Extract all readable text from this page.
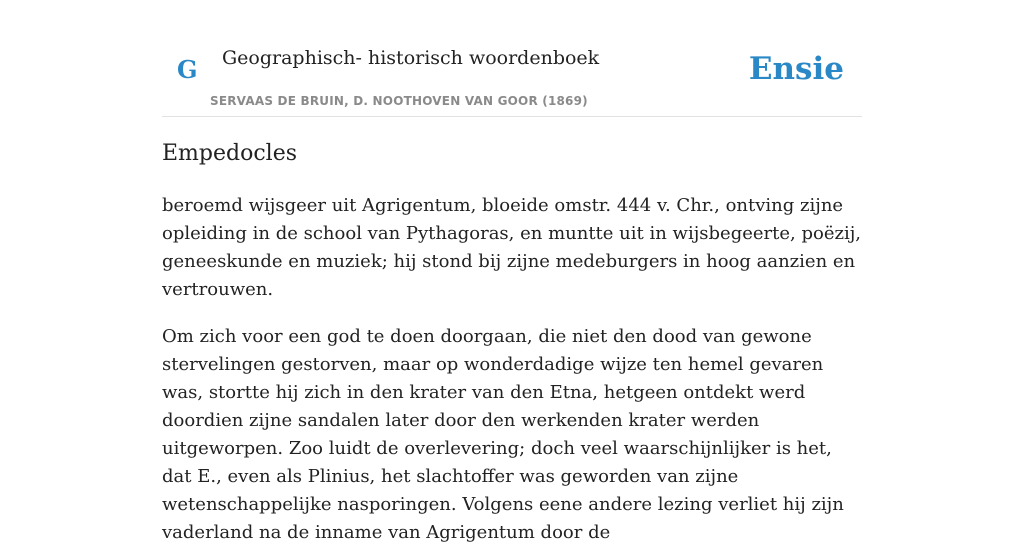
G Geographisch- historisch woordenboek
SERVAAS DE BRUIN, D. NOOTHOVEN VAN GOOR (1869)
Ensie
Empedocles

beroemd wijsgeer uit Agrigentum, bloeide omstr. 444 v. Chr., ontving zijne opleiding in de school van Pythagoras, en muntte uit in wijsbegeerte, poëzij, geneeskunde en muziek; hij stond bij zijne medeburgers in hoog aanzien en vertrouwen.

Om zich voor een god te doen doorgaan, die niet den dood van gewone stervelingen gestorven, maar op wonderdadige wijze ten hemel gevaren was, stortte hij zich in den krater van den Etna, hetgeen ontdekt werd doordien zijne sandalen later door den werkenden krater werden uitgeworpen. Zoo luidt de overlevering; doch veel waarschijnlijker is het, dat E., even als Plinius, het slachtoffer was geworden van zijne wetenschappelijke nasporingen. Volgens eene andere lezing verliet hij zijn vaderland na de inname van Agrigentum door de
